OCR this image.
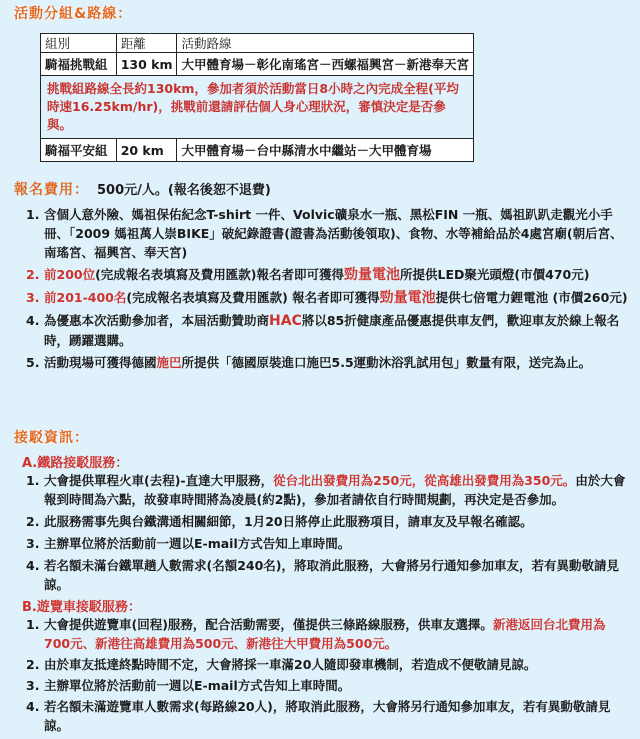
活動分組&路線：
組別	距離	活動路線
騎福挑戰組	130 km	大甲體育場－彰化南瑤宮－西螺福興宮－新港奉天宮
挑戰組路線全長約130km，參加者須於活動當日8小時之內完成全程(平均時速16.25km/hr)，挑戰前還請評估個人身心理狀況，審慎決定是否參與。		
騎福平安組	20 km	大甲體育場－台中縣清水中繼站－大甲體育場
報名費用： 500元/人。(報名後恕不退費)
1. 含個人意外險、媽祖保佑紀念T-shirt 一件、Volvic礦泉水一瓶、黑松FIN 一瓶、媽祖趴趴走觀光小手冊、「2009 媽祖萬人崇BIKE」破紀錄證書(證書為活動後領取)、食物、水等補給品於4處宮廟(朝后宮、南瑤宮、福興宮、奉天宮)
2. 前200位(完成報名表填寫及費用匯款)報名者即可獲得勁量電池所提供LED聚光頭燈(市價470元)
3. 前201-400名(完成報名表填寫及費用匯款) 報名者即可獲得勁量電池提供七倍電力鋰電池 (市價260元)
4. 為優惠本次活動參加者，本屆活動贊助商HAC將以85折健康產品優惠提供車友們，歡迎車友於線上報名時，踴躍選購。
5. 活動現場可獲得德國施巴所提供「德國原裝進口施巴5.5運動沐浴乳試用包」數量有限，送完為止。
接駁資訊：
A.鐵路接駁服務：
1. 大會提供單程火車(去程)-直達大甲服務，從台北出發費用為250元，從高雄出發費用為350元。由於大會報到時間為六點，故發車時間將為凌晨(約2點)，參加者請依自行時間規劃，再決定是否參加。
2. 此服務需事先與台鐵溝通相關細節，1月20日將停止此服務項目，請車友及早報名確認。
3. 主辦單位將於活動前一週以E-mail方式告知上車時間。
4. 若名額未滿台鐵單趟人數需求(名額240名)，將取消此服務，大會將另行通知參加車友，若有異動敬請見諒。
B.遊覽車接駁服務：
1. 大會提供遊覽車(回程)服務，配合活動需要，僅提供三條路線服務，供車友選擇。新港返回台北費用為700元、新港往高雄費用為500元、新港往大甲費用為500元。
2. 由於車友抵達終點時間不定，大會將採一車滿20人隨即發車機制，若造成不便敬請見諒。
3. 主辦單位將於活動前一週以E-mail方式告知上車時間。
4. 若名額未滿遊覽車人數需求(每路線20人)，將取消此服務，大會將另行通知參加車友，若有異動敬請見諒。
